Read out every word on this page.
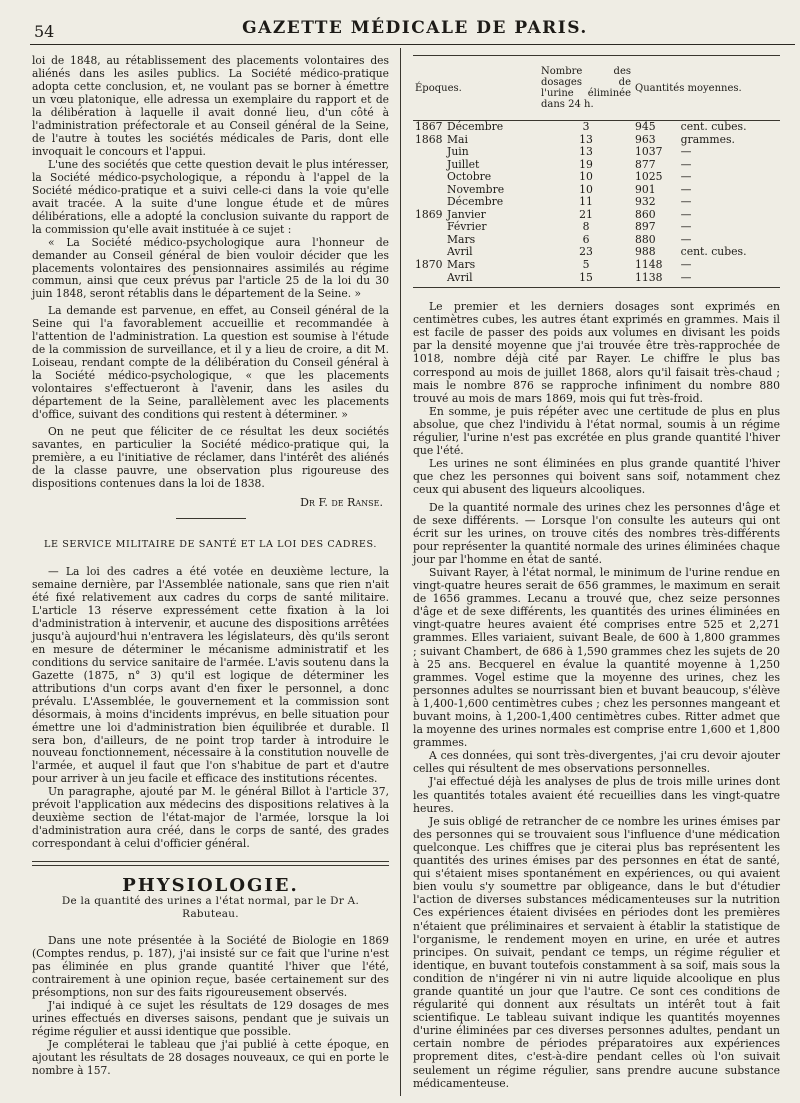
54	GAZETTE MÉDICALE DE PARIS.

loi de 1848, au rétablissement des placements volontaires des aliénés dans les asiles publics. La Société médico-pratique adopta cette conclusion, et, ne voulant pas se borner à émettre un vœu platonique, elle adressa un exemplaire du rapport et de la délibération à laquelle il avait donné lieu, d'un côté à l'administration préfectorale et au Conseil général de la Seine, de l'autre à toutes les sociétés médicales de Paris, dont elle invoquait le concours et l'appui.

L'une des sociétés que cette question devait le plus intéresser, la Société médico-psychologique, a répondu à l'appel de la Société médico-pratique et a suivi celle-ci dans la voie qu'elle avait tracée. A la suite d'une longue étude et de mûres délibérations, elle a adopté la conclusion suivante du rapport de la commission qu'elle avait instituée à ce sujet :

« La Société médico-psychologique aura l'honneur de demander au Conseil général de bien vouloir décider que les placements volontaires des pensionnaires assimilés au régime commun, ainsi que ceux prévus par l'article 25 de la loi du 30 juin 1848, seront rétablis dans le département de la Seine. »

La demande est parvenue, en effet, au Conseil général de la Seine qui l'a favorablement accueillie et recommandée à l'attention de l'administration. La question est soumise à l'étude de la commission de surveillance, et il y a lieu de croire, a dit M. Loiseau, rendant compte de la délibération du Conseil général à la Société médico-psychologique, « que les placements volontaires s'effectueront à l'avenir, dans les asiles du département de la Seine, parallèlement avec les placements d'office, suivant des conditions qui restent à déterminer. »

On ne peut que féliciter de ce résultat les deux sociétés savantes, en particulier la Société médico-pratique qui, la première, a eu l'initiative de réclamer, dans l'intérêt des aliénés de la classe pauvre, une observation plus rigoureuse des dispositions contenues dans la loi de 1838.

Dr F. de Ranse.
LE SERVICE MILITAIRE DE SANTÉ ET LA LOI DES CADRES.

— La loi des cadres a été votée en deuxième lecture, la semaine dernière, par l'Assemblée nationale, sans que rien n'ait été fixé relativement aux cadres du corps de santé militaire. L'article 13 réserve expressément cette fixation à la loi d'administration à intervenir, et aucune des dispositions arrêtées jusqu'à aujourd'hui n'entravera les législateurs, dès qu'ils seront en mesure de déterminer le mécanisme administratif et les conditions du service sanitaire de l'armée. L'avis soutenu dans la Gazette (1875, n° 3) qu'il est logique de déterminer les attributions d'un corps avant d'en fixer le personnel, a donc prévalu. L'Assemblée, le gouvernement et la commission sont désormais, à moins d'incidents imprévus, en belle situation pour émettre une loi d'administration bien équilibrée et durable. Il sera bon, d'ailleurs, de ne point trop tarder à introduire le nouveau fonctionnement, nécessaire à la constitution nouvelle de l'armée, et auquel il faut que l'on s'habitue de part et d'autre pour arriver à un jeu facile et efficace des institutions récentes.

Un paragraphe, ajouté par M. le général Billot à l'article 37, prévoit l'application aux médecins des dispositions relatives à la deuxième section de l'état-major de l'armée, lorsque la loi d'administration aura créé, dans le corps de santé, des grades correspondant à celui d'officier général.

PHYSIOLOGIE.
De la quantité des urines a l'état normal, par le Dr A. Rabuteau.

Dans une note présentée à la Société de Biologie en 1869 (Comptes rendus, p. 187), j'ai insisté sur ce fait que l'urine n'est pas éliminée en plus grande quantité l'hiver que l'été, contrairement à une opinion reçue, basée certainement sur des présomptions, non sur des faits rigoureusement observés.

J'ai indiqué à ce sujet les résultats de 129 dosages de mes urines effectués en diverses saisons, pendant que je suivais un régime régulier et aussi identique que possible.

Je compléterai le tableau que j'ai publié à cette époque, en ajoutant les résultats de 28 dosages nouveaux, ce qui en porte le nombre à 157.

Époques.		Nombre des dosages de l'urine éliminée dans 24 h.	Quantités moyennes.	
1867	Décembre	3	945	cent. cubes.
1868	Mai	13	963	grammes.
	Juin	13	1037	—
	Juillet	19	877	—
	Octobre	10	1025	—
	Novembre	10	901	—
	Décembre	11	932	—
1869	Janvier	21	860	—
	Février	8	897	—
	Mars	6	880	—
	Avril	23	988	cent. cubes.
1870	Mars	5	1148	—
	Avril	15	1138	—

Le premier et les derniers dosages sont exprimés en centimètres cubes, les autres étant exprimés en grammes. Mais il est facile de passer des poids aux volumes en divisant les poids par la densité moyenne que j'ai trouvée être très-rapprochée de 1018, nombre déjà cité par Rayer. Le chiffre le plus bas correspond au mois de juillet 1868, alors qu'il faisait très-chaud ; mais le nombre 876 se rapproche infiniment du nombre 880 trouvé au mois de mars 1869, mois qui fut très-froid.

En somme, je puis répéter avec une certitude de plus en plus absolue, que chez l'individu à l'état normal, soumis à un régime régulier, l'urine n'est pas excrétée en plus grande quantité l'hiver que l'été.

Les urines ne sont éliminées en plus grande quantité l'hiver que chez les personnes qui boivent sans soif, notamment chez ceux qui abusent des liqueurs alcooliques.

De la quantité normale des urines chez les personnes d'âge et de sexe différents. — Lorsque l'on consulte les auteurs qui ont écrit sur les urines, on trouve cités des nombres très-différents pour représenter la quantité normale des urines éliminées chaque jour par l'homme en état de santé.

Suivant Rayer, à l'état normal, le minimum de l'urine rendue en vingt-quatre heures serait de 656 grammes, le maximum en serait de 1656 grammes. Lecanu a trouvé que, chez seize personnes d'âge et de sexe différents, les quantités des urines éliminées en vingt-quatre heures avaient été comprises entre 525 et 2,271 grammes. Elles variaient, suivant Beale, de 600 à 1,800 grammes ; suivant Chambert, de 686 à 1,590 grammes chez les sujets de 20 à 25 ans. Becquerel en évalue la quantité moyenne à 1,250 grammes. Vogel estime que la moyenne des urines, chez les personnes adultes se nourrissant bien et buvant beaucoup, s'élève à 1,400-1,600 centimètres cubes ; chez les personnes mangeant et buvant moins, à 1,200-1,400 centimètres cubes. Ritter admet que la moyenne des urines normales est comprise entre 1,600 et 1,800 grammes.

A ces données, qui sont très-divergentes, j'ai cru devoir ajouter celles qui résultent de mes observations personnelles.

J'ai effectué déjà les analyses de plus de trois mille urines dont les quantités totales avaient été recueillies dans les vingt-quatre heures.

Je suis obligé de retrancher de ce nombre les urines émises par des personnes qui se trouvaient sous l'influence d'une médication quelconque. Les chiffres que je citerai plus bas représentent les quantités des urines émises par des personnes en état de santé, qui s'étaient mises spontanément en expériences, ou qui avaient bien voulu s'y soumettre par obligeance, dans le but d'étudier l'action de diverses substances médicamenteuses sur la nutrition Ces expériences étaient divisées en périodes dont les premières n'étaient que préliminaires et servaient à établir la statistique de l'organisme, le rendement moyen en urine, en urée et autres principes. On suivait, pendant ce temps, un régime régulier et identique, en buvant toutefois constamment à sa soif, mais sous la condition de n'ingérer ni vin ni autre liquide alcoolique en plus grande quantité un jour que l'autre. Ce sont ces conditions de régularité qui donnent aux résultats un intérêt tout à fait scientifique. Le tableau suivant indique les quantités moyennes d'urine éliminées par ces diverses personnes adultes, pendant un certain nombre de périodes préparatoires aux expériences proprement dites, c'est-à-dire pendant celles où l'on suivait seulement un régime régulier, sans prendre aucune substance médicamenteuse.
